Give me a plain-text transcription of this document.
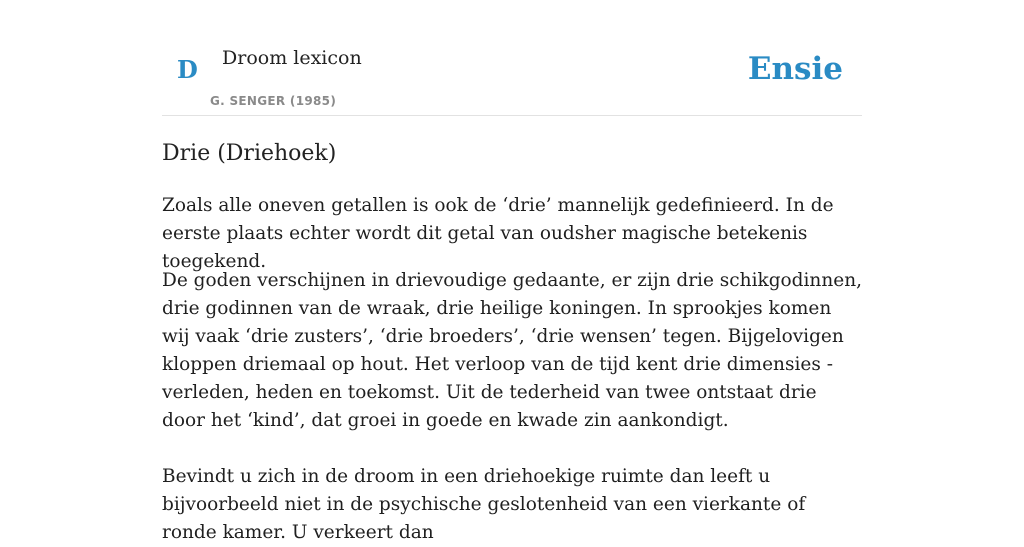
D Droom lexicon
G. SENGER (1985)
Ensie
Drie (Driehoek)

Zoals alle oneven getallen is ook de ‘drie’ mannelijk gedefinieerd. In de eerste plaats echter wordt dit getal van oudsher magische betekenis toegekend.

De goden verschijnen in drievoudige gedaante, er zijn drie schikgodinnen, drie godinnen van de wraak, drie heilige koningen. In sprookjes komen wij vaak ‘drie zusters’, ‘drie broeders’, ‘drie wensen’ tegen. Bijgelovigen kloppen driemaal op hout. Het verloop van de tijd kent drie dimensies - verleden, heden en toekomst. Uit de tederheid van twee ontstaat drie door het ‘kind’, dat groei in goede en kwade zin aankondigt.

Bevindt u zich in de droom in een driehoekige ruimte dan leeft u bijvoorbeeld niet in de psychische geslotenheid van een vierkante of ronde kamer. U verkeert dan
